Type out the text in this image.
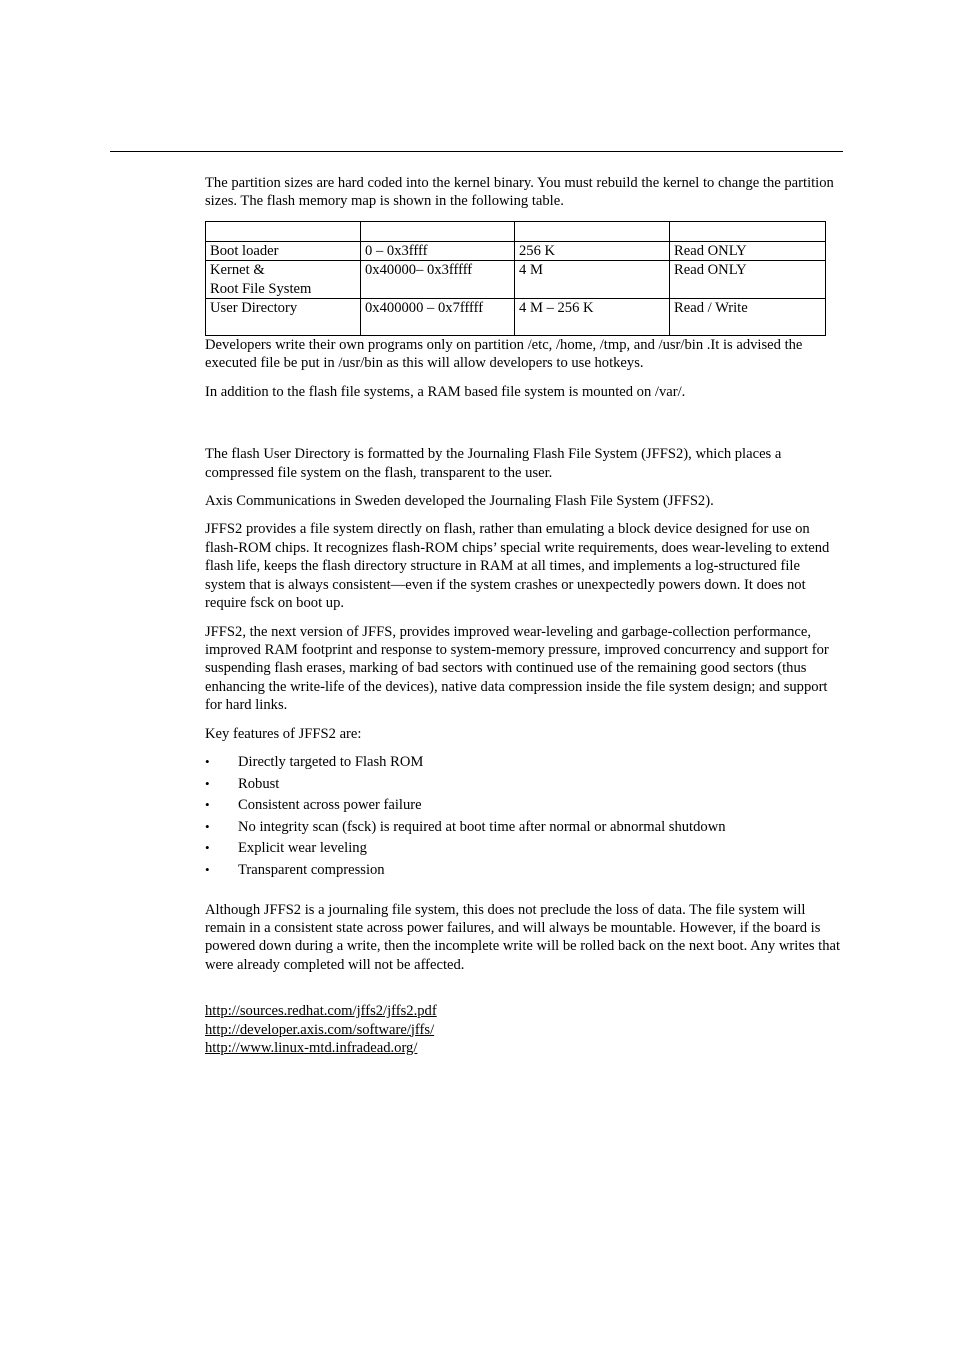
The partition sizes are hard coded into the kernel binary. You must rebuild the kernel to change the partition sizes. The flash memory map is shown in the following table.

Boot loader	0 – 0x3ffff	256 K	Read ONLY
Kernet &
Root File System	0x40000– 0x3fffff	4 M	Read ONLY
User Directory	0x400000 – 0x7fffff	4 M – 256 K	Read / Write

Developers write their own programs only on partition /etc, /home, /tmp, and /usr/bin .It is advised the executed file be put in /usr/bin as this will allow developers to use hotkeys.

In addition to the flash file systems, a RAM based file system is mounted on /var/.

The flash User Directory is formatted by the Journaling Flash File System (JFFS2), which places a compressed file system on the flash, transparent to the user.

Axis Communications in Sweden developed the Journaling Flash File System (JFFS2).

JFFS2 provides a file system directly on flash, rather than emulating a block device designed for use on flash-ROM chips. It recognizes flash-ROM chips’ special write requirements, does wear-leveling to extend flash life, keeps the flash directory structure in RAM at all times, and implements a log-structured file system that is always consistent—even if the system crashes or unexpectedly powers down. It does not require fsck on boot up.

JFFS2, the next version of JFFS, provides improved wear-leveling and garbage-collection performance, improved RAM footprint and response to system-memory pressure, improved concurrency and support for suspending flash erases, marking of bad sectors with continued use of the remaining good sectors (thus enhancing the write-life of the devices), native data compression inside the file system design; and support for hard links.

Key features of JFFS2 are:

• Directly targeted to Flash ROM
• Robust
• Consistent across power failure
• No integrity scan (fsck) is required at boot time after normal or abnormal shutdown
• Explicit wear leveling
• Transparent compression

Although JFFS2 is a journaling file system, this does not preclude the loss of data. The file system will remain in a consistent state across power failures, and will always be mountable. However, if the board is powered down during a write, then the incomplete write will be rolled back on the next boot. Any writes that were already completed will not be affected.

http://sources.redhat.com/jffs2/jffs2.pdf
http://developer.axis.com/software/jffs/
http://www.linux-mtd.infradead.org/
